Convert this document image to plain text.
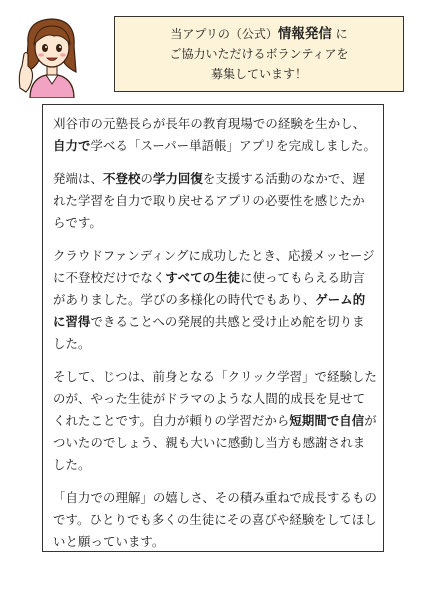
当アプリの（公式）情報発信 に
ご協力いただけるボランティアを
募集しています！

刈谷市の元塾長らが長年の教育現場での経験を生かし、自力で学べる「スーパー単語帳」アプリを完成しました。

発端は、不登校の学力回復を支援する活動のなかで、遅れた学習を自力で取り戻せるアプリの必要性を感じたからです。

クラウドファンディングに成功したとき、応援メッセージに不登校だけでなくすべての生徒に使ってもらえる助言がありました。学びの多様化の時代でもあり、ゲーム的に習得できることへの発展的共感と受け止め舵を切りました。

そして、じつは、前身となる「クリック学習」で経験したのが、やった生徒がドラマのような人間的成長を見せてくれたことです。自力が頼りの学習だから短期間で自信がついたのでしょう、親も大いに感動し当方も感謝されました。

「自力での理解」の嬉しさ、その積み重ねで成長するものです。ひとりでも多くの生徒にその喜びや経験をしてほしいと願っています。
